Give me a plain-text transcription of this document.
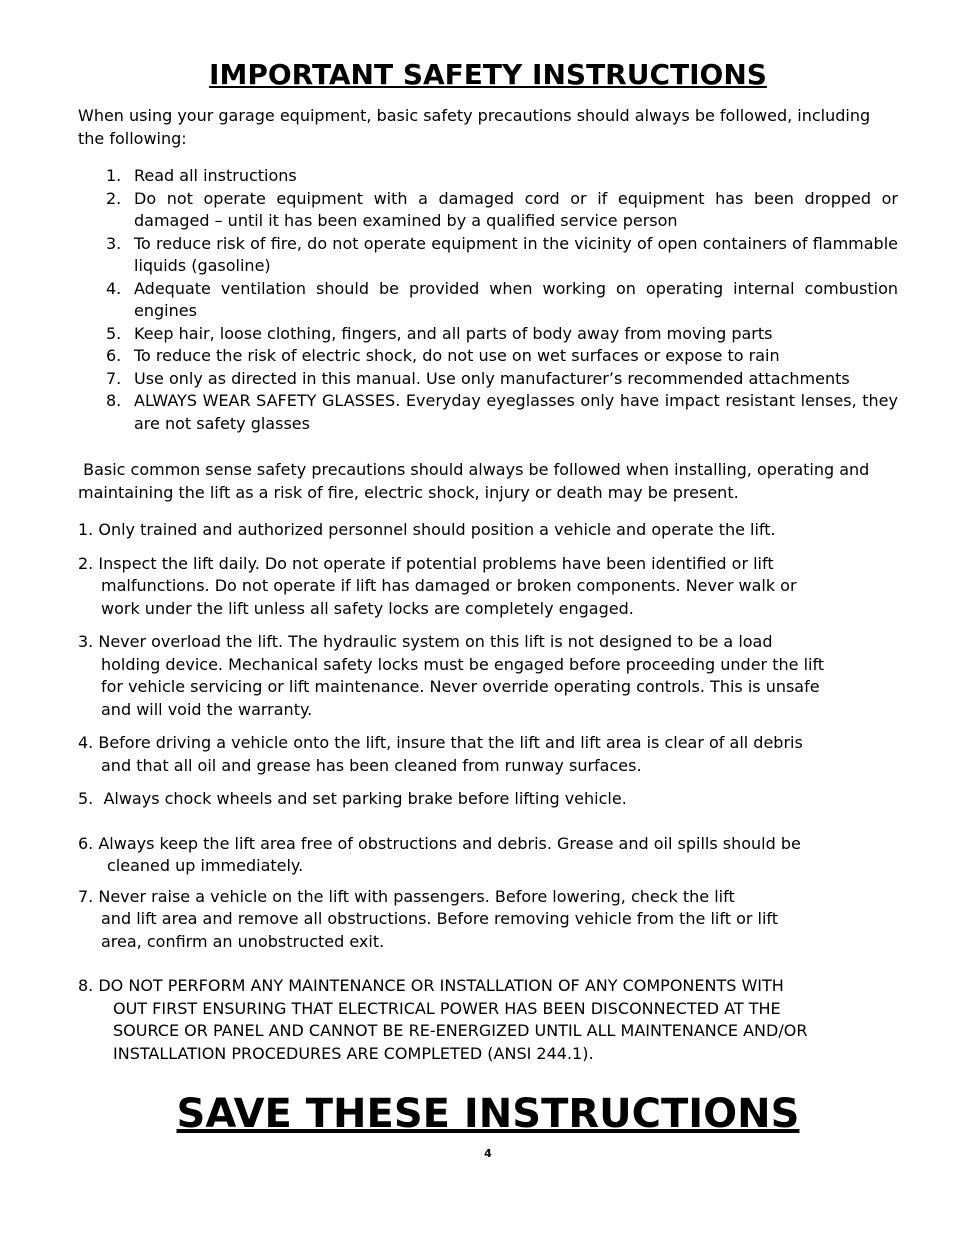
IMPORTANT SAFETY INSTRUCTIONS

When using your garage equipment, basic safety precautions should always be followed, including the following:

1. Read all instructions
2. Do not operate equipment with a damaged cord or if equipment has been dropped or damaged – until it has been examined by a qualified service person
3. To reduce risk of fire, do not operate equipment in the vicinity of open containers of flammable liquids (gasoline)
4. Adequate ventilation should be provided when working on operating internal combustion engines
5. Keep hair, loose clothing, fingers, and all parts of body away from moving parts
6. To reduce the risk of electric shock, do not use on wet surfaces or expose to rain
7. Use only as directed in this manual. Use only manufacturer’s recommended attachments
8. ALWAYS WEAR SAFETY GLASSES. Everyday eyeglasses only have impact resistant lenses, they are not safety glasses
Basic common sense safety precautions should always be followed when installing, operating and
maintaining the lift as a risk of fire, electric shock, injury or death may be present.
1. Only trained and authorized personnel should position a vehicle and operate the lift.
2. Inspect the lift daily. Do not operate if potential problems have been identified or lift
malfunctions. Do not operate if lift has damaged or broken components. Never walk or
work under the lift unless all safety locks are completely engaged.
3. Never overload the lift. The hydraulic system on this lift is not designed to be a load
holding device. Mechanical safety locks must be engaged before proceeding under the lift
for vehicle servicing or lift maintenance. Never override operating controls. This is unsafe
and will void the warranty.
4. Before driving a vehicle onto the lift, insure that the lift and lift area is clear of all debris
and that all oil and grease has been cleaned from runway surfaces.
5.  Always chock wheels and set parking brake before lifting vehicle.
6. Always keep the lift area free of obstructions and debris. Grease and oil spills should be
cleaned up immediately.
7. Never raise a vehicle on the lift with passengers. Before lowering, check the lift
and lift area and remove all obstructions. Before removing vehicle from the lift or lift
area, confirm an unobstructed exit.
8. DO NOT PERFORM ANY MAINTENANCE OR INSTALLATION OF ANY COMPONENTS WITH
OUT FIRST ENSURING THAT ELECTRICAL POWER HAS BEEN DISCONNECTED AT THE
SOURCE OR PANEL AND CANNOT BE RE-ENERGIZED UNTIL ALL MAINTENANCE AND/OR
INSTALLATION PROCEDURES ARE COMPLETED (ANSI 244.1).
SAVE THESE INSTRUCTIONS
4
